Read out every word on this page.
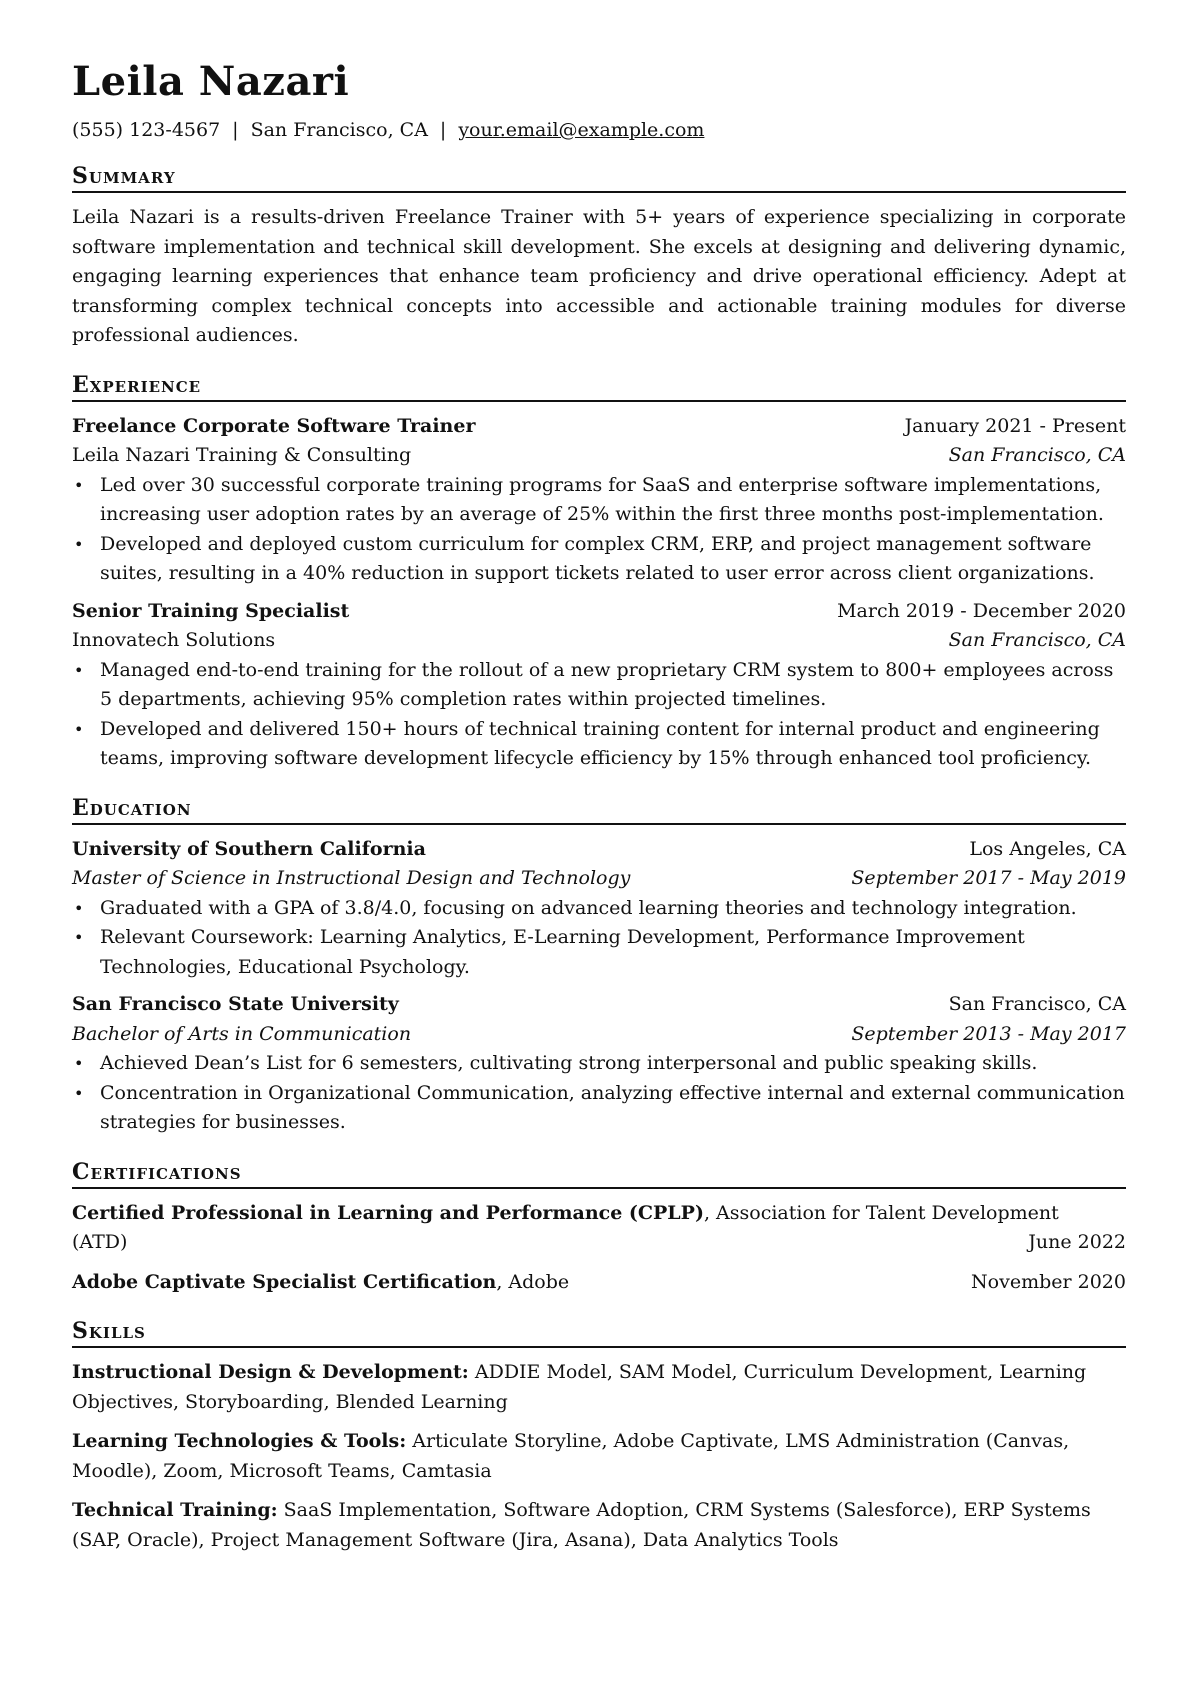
Leila Nazari
(555) 123-4567 | San Francisco, CA | your.email@example.com
Summary

Leila Nazari is a results-driven Freelance Trainer with 5+ years of experience specializing in corporate software implementation and technical skill development. She excels at designing and delivering dynamic, engaging learning experiences that enhance team proficiency and drive operational efficiency. Adept at transforming complex technical concepts into accessible and actionable training modules for diverse professional audiences.

Experience
Freelance Corporate Software Trainer	January 2021 - Present
Leila Nazari Training & Consulting	San Francisco, CA
• Led over 30 successful corporate training programs for SaaS and enterprise software implementations, increasing user adoption rates by an average of 25% within the first three months post-implementation.
• Developed and deployed custom curriculum for complex CRM, ERP, and project management software suites, resulting in a 40% reduction in support tickets related to user error across client organizations.
Senior Training Specialist	March 2019 - December 2020
Innovatech Solutions	San Francisco, CA
• Managed end-to-end training for the rollout of a new proprietary CRM system to 800+ employees across 5 departments, achieving 95% completion rates within projected timelines.
• Developed and delivered 150+ hours of technical training content for internal product and engineering teams, improving software development lifecycle efficiency by 15% through enhanced tool proficiency.
Education
University of Southern California	Los Angeles, CA
Master of Science in Instructional Design and Technology	September 2017 - May 2019
• Graduated with a GPA of 3.8/4.0, focusing on advanced learning theories and technology integration.
• Relevant Coursework: Learning Analytics, E-Learning Development, Performance Improvement Technologies, Educational Psychology.
San Francisco State University	San Francisco, CA
Bachelor of Arts in Communication	September 2013 - May 2017
• Achieved Dean’s List for 6 semesters, cultivating strong interpersonal and public speaking skills.
• Concentration in Organizational Communication, analyzing effective internal and external communication strategies for businesses.
Certifications
Certified Professional in Learning and Performance (CPLP), Association for Talent Development
(ATD)	June 2022
Adobe Captivate Specialist Certification, Adobe	November 2020
Skills
Instructional Design & Development: ADDIE Model, SAM Model, Curriculum Development, Learning Objectives, Storyboarding, Blended Learning
Learning Technologies & Tools: Articulate Storyline, Adobe Captivate, LMS Administration (Canvas, Moodle), Zoom, Microsoft Teams, Camtasia
Technical Training: SaaS Implementation, Software Adoption, CRM Systems (Salesforce), ERP Systems (SAP, Oracle), Project Management Software (Jira, Asana), Data Analytics Tools
